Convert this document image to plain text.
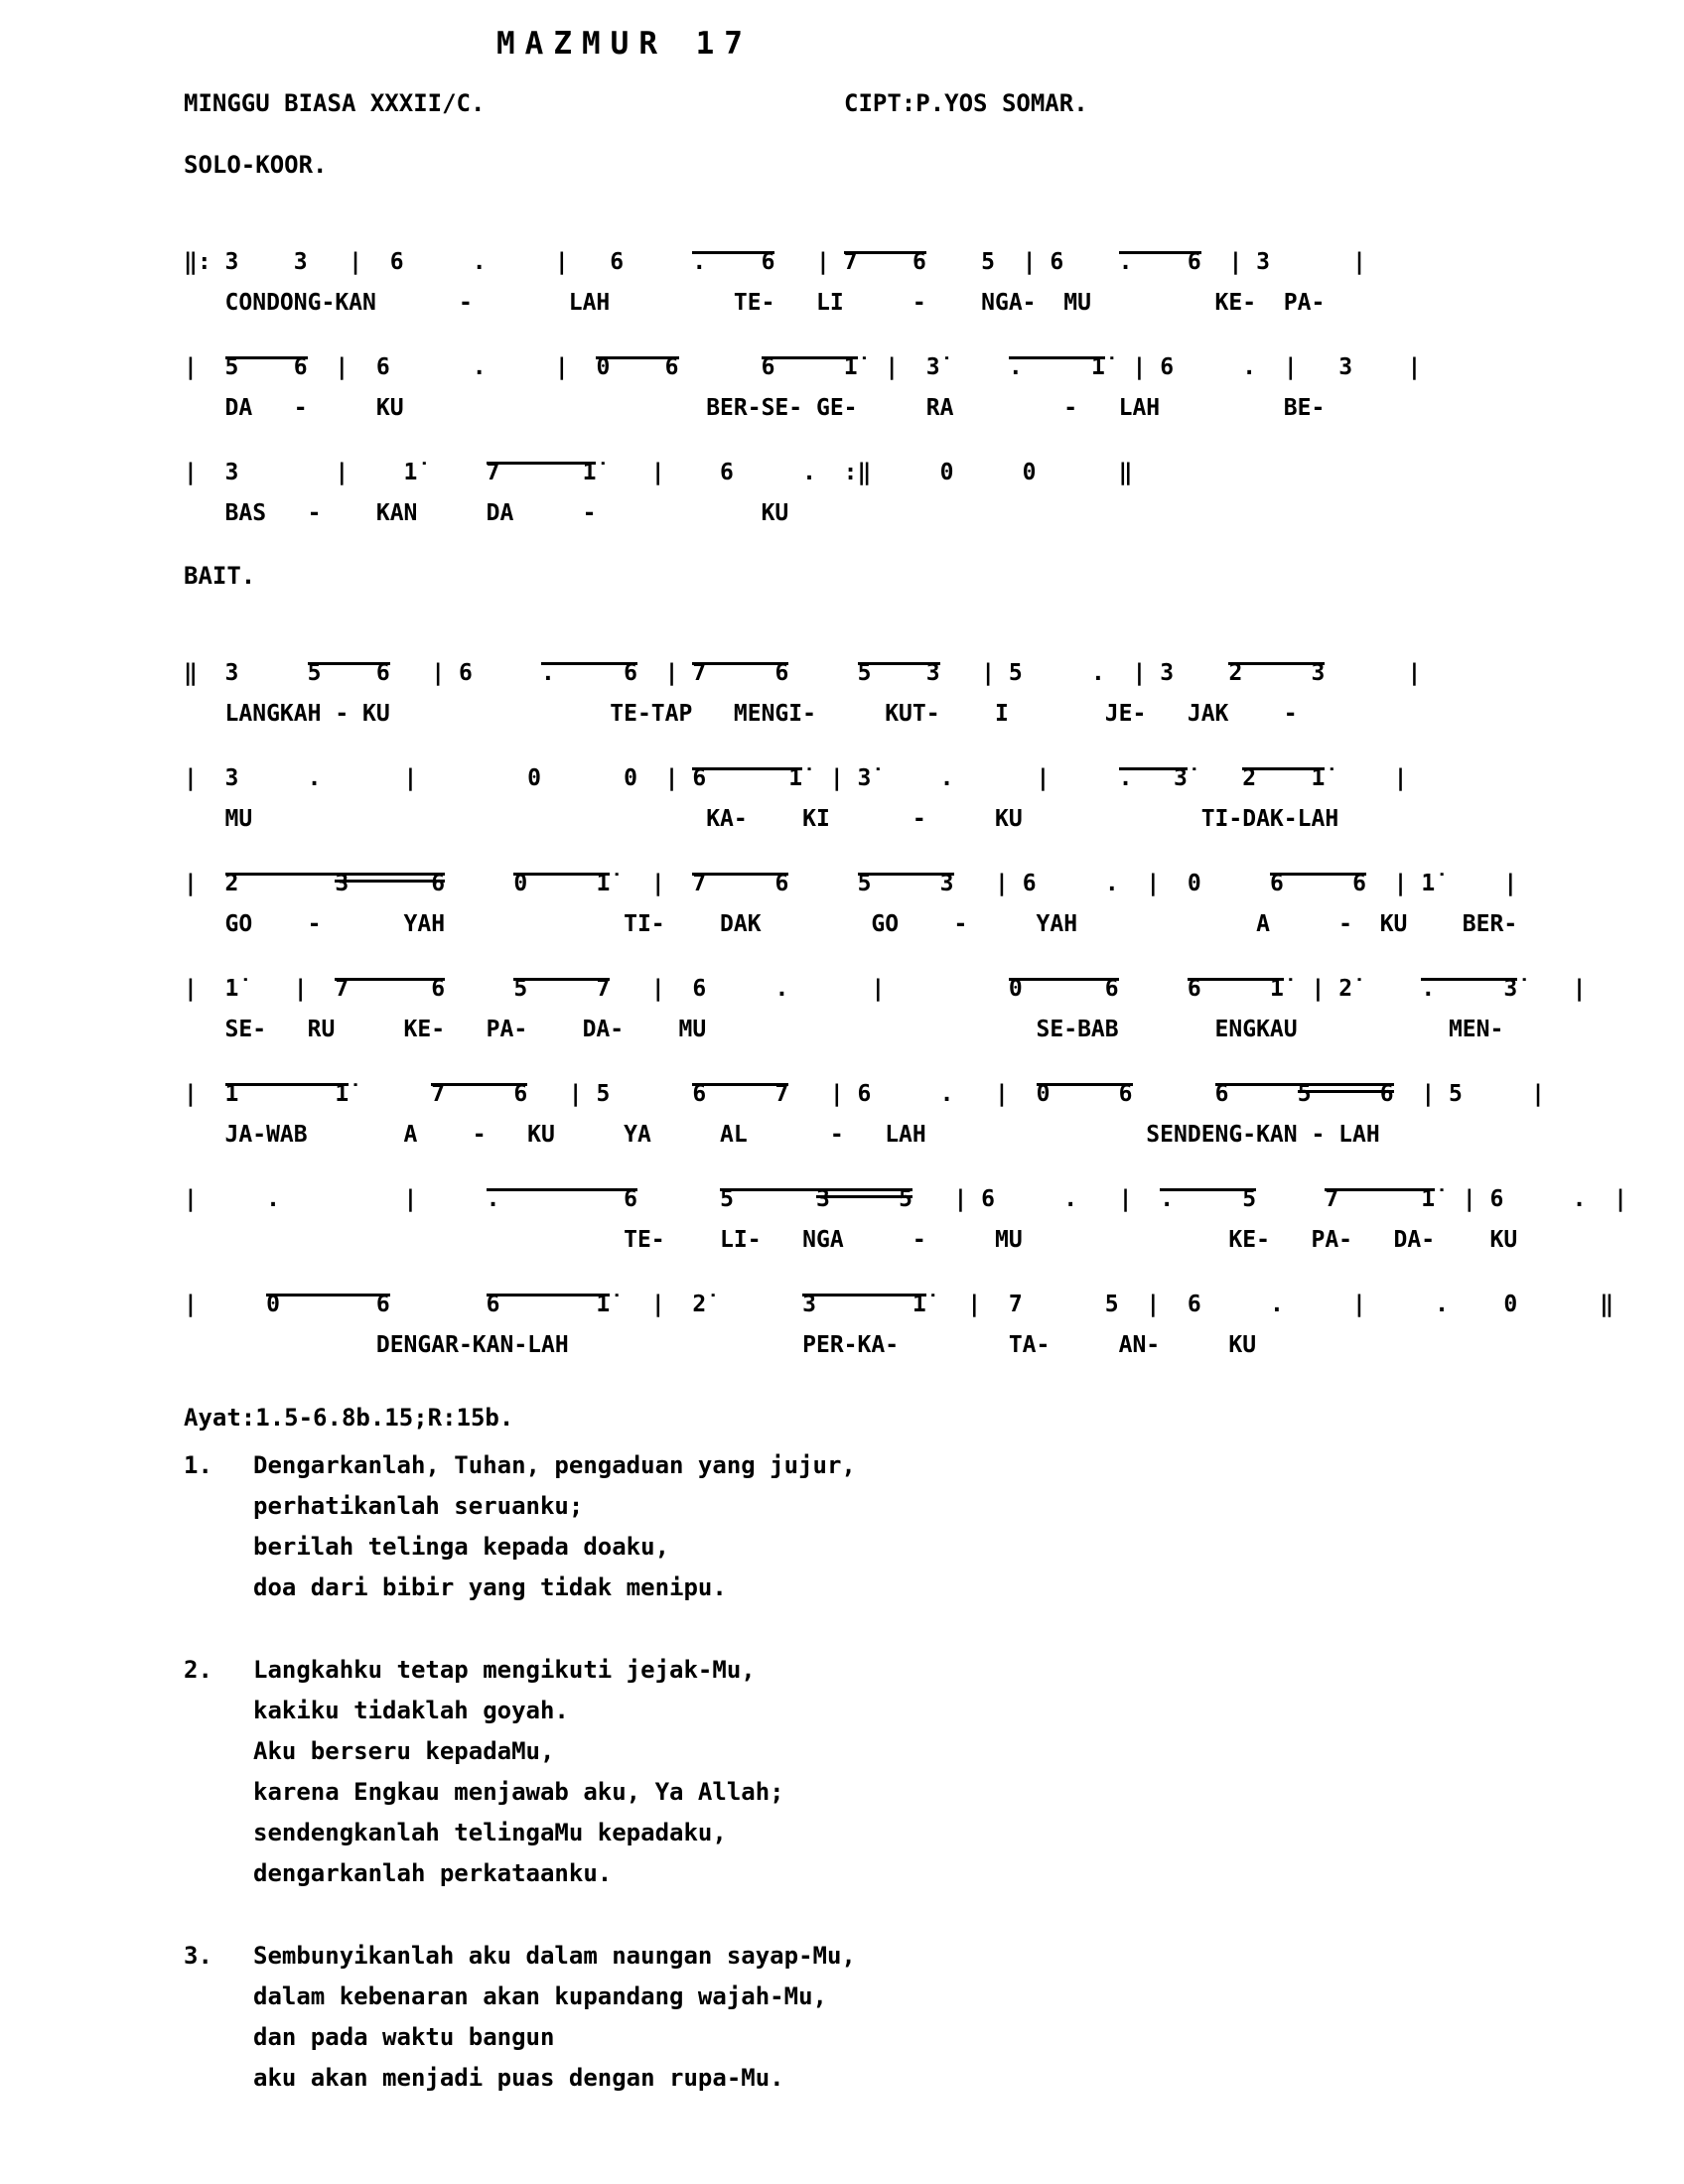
MAZMUR 17
MINGGU BIASA XXXII/C.	CIPT:P.YOS SOMAR.
SOLO-KOOR.
‖: 3    3   |  6     .     |   6     .    6   | 7    6    5  | 6    .    6  | 3      |
CONDONG-KAN      -       LAH         TE-   LI     -    NGA-  MU         KE-  PA-
|  5    6  |  6      .     |  0    6	6     1̇  |  3̇     .     1̇  | 6     .  |   3    |
DA   -     KU                      BER-SE- GE-     RA        -   LAH         BE-
|  3       |    1̇     7      1̇    |    6     .  :‖     0     0      ‖
BAS   -    KAN     DA     -            KU
BAIT.
‖  3     5    6   | 6     .     6  | 7     6	5    3   | 5     .  | 3    2     3      |
LANGKAH - KU                TE-TAP   MENGI-     KUT-    I       JE-   JAK    -
|  3     .      |        0      0  | 6      1̇  | 3̇     .      |     .   3̇ 2̇    1̇     |
MU                                 KA-    KI      -     KU             TI-DAK-LAH
|  2̇       3̇      6	0     1̇   |  7     6	5     3   | 6     .  |  0     6     6  | 1̇     |
GO    -      YAH             TI-    DAK        GO    -     YAH             A     -  KU    BER-
|  1̇    |  7      6	5     7   |  6     .      |         0      6	6     1̇  | 2̇     .     3̇    |
SE-   RU     KE-   PA-    DA-    MU                        SE-BAB       ENGKAU           MEN-
|  1̇       1̇	7     6   | 5      6     7   | 6     .   |  0     6	6     5     6  | 5     |
JA-WAB       A    -   KU     YA     AL      -   LAH                SENDENG-KAN - LAH
|     .         |     .         6	5      3     5   | 6     .   |  .     5	7      1̇  | 6     .  |
TE-    LI-   NGA     -     MU               KE-   PA-   DA-    KU
|     0       6	6       1̇   |  2̇       3̇       1̇   |  7      5  |  6     .     |     .    0      ‖
DENGAR-KAN-LAH                 PER-KA-        TA-     AN-     KU
Ayat:1.5-6.8b.15;R:15b.
1.	Dengarkanlah, Tuhan, pengaduan yang jujur,
perhatikanlah seruanku;
berilah telinga kepada doaku,
doa dari bibir yang tidak menipu.
2.	Langkahku tetap mengikuti jejak-Mu,
kakiku tidaklah goyah.
Aku berseru kepadaMu,
karena Engkau menjawab aku, Ya Allah;
sendengkanlah telingaMu kepadaku,
dengarkanlah perkataanku.
3.	Sembunyikanlah aku dalam naungan sayap-Mu,
dalam kebenaran akan kupandang wajah-Mu,
dan pada waktu bangun
aku akan menjadi puas dengan rupa-Mu.
